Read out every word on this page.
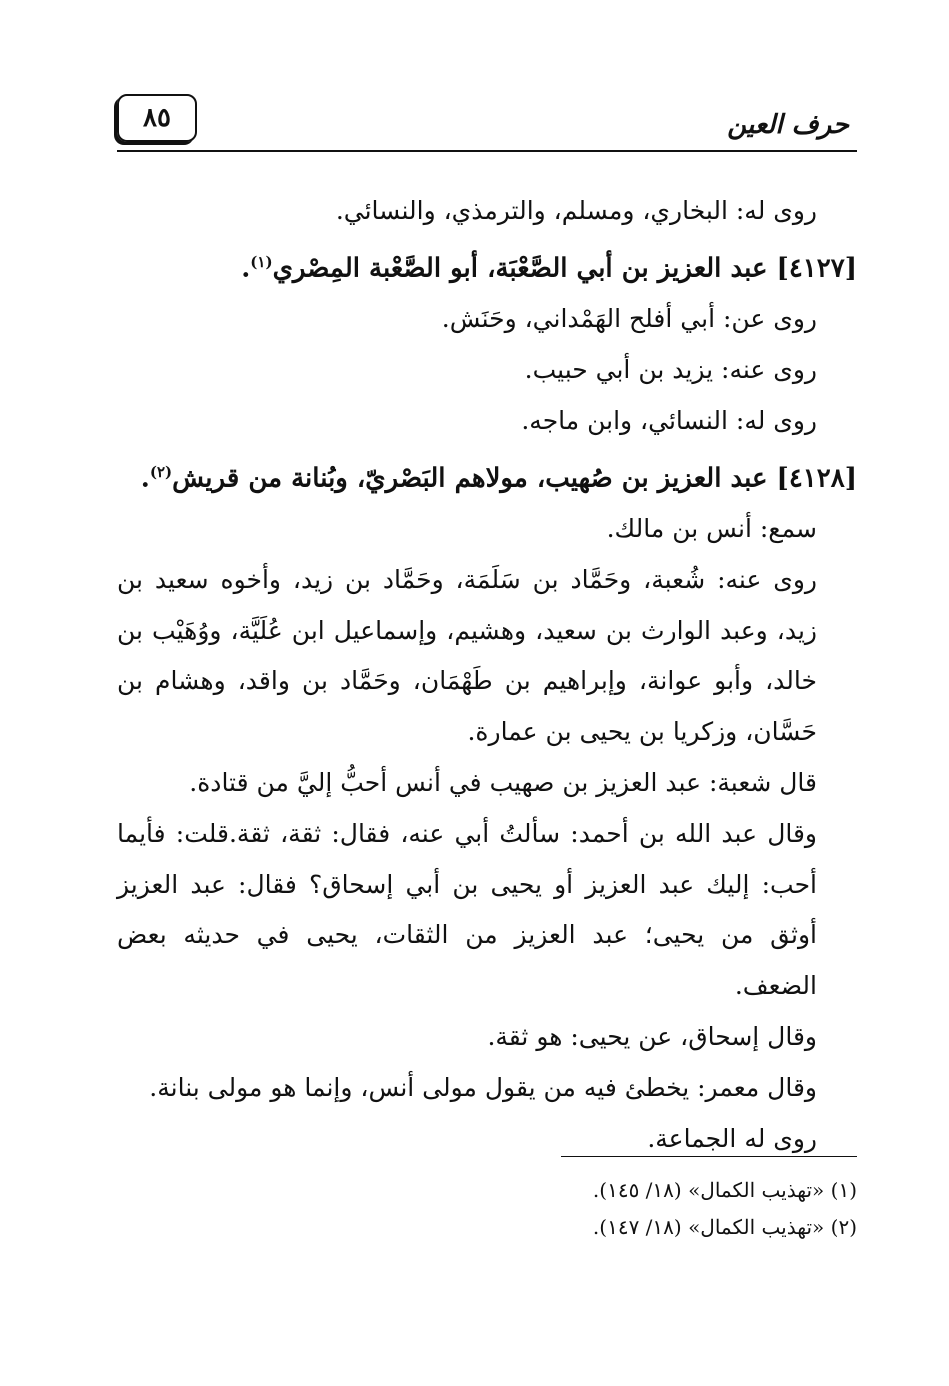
٨٥	حرف العين

روى له: البخاري، ومسلم، والترمذي، والنسائي.

[٤١٢٧] عبد العزيز بن أبي الصَّعْبَة، أبو الصَّعْبة المِصْري$^{(١)}$.

روى عن: أبي أفلح الهَمْداني، وحَنَش.

روى عنه: يزيد بن أبي حبيب.

روى له: النسائي، وابن ماجه.

[٤١٢٨] عبد العزيز بن صُهيب، مولاهم البَصْريّ، وبُنانة من قريش$^{(٢)}$.

سمع: أنس بن مالك.

روى عنه: شُعبة، وحَمَّاد بن سَلَمَة، وحَمَّاد بن زيد، وأخوه سعيد بن زيد، وعبد الوارث بن سعيد، وهشيم، وإسماعيل ابن عُلَيَّة، ووُهَيْب بن خالد، وأبو عوانة، وإبراهيم بن طَهْمَان، وحَمَّاد بن واقد، وهشام بن حَسَّان، وزكريا بن يحيى بن عمارة.

قال شعبة: عبد العزيز بن صهيب في أنس أحبُّ إليَّ من قتادة.

وقال عبد الله بن أحمد: سألتُ أبي عنه، فقال: ثقة، ثقة.قلت: فأيما أحب: إليك عبد العزيز أو يحيى بن أبي إسحاق؟ فقال: عبد العزيز أوثق من يحيى؛ عبد العزيز من الثقات، يحيى في حديثه بعض الضعف.

وقال إسحاق، عن يحيى: هو ثقة.

وقال معمر: يخطئ فيه من يقول مولى أنس، وإنما هو مولى بنانة.

روى له الجماعة.

(١) «تهذيب الكمال» (١٨/ ١٤٥).

(٢) «تهذيب الكمال» (١٨/ ١٤٧).
